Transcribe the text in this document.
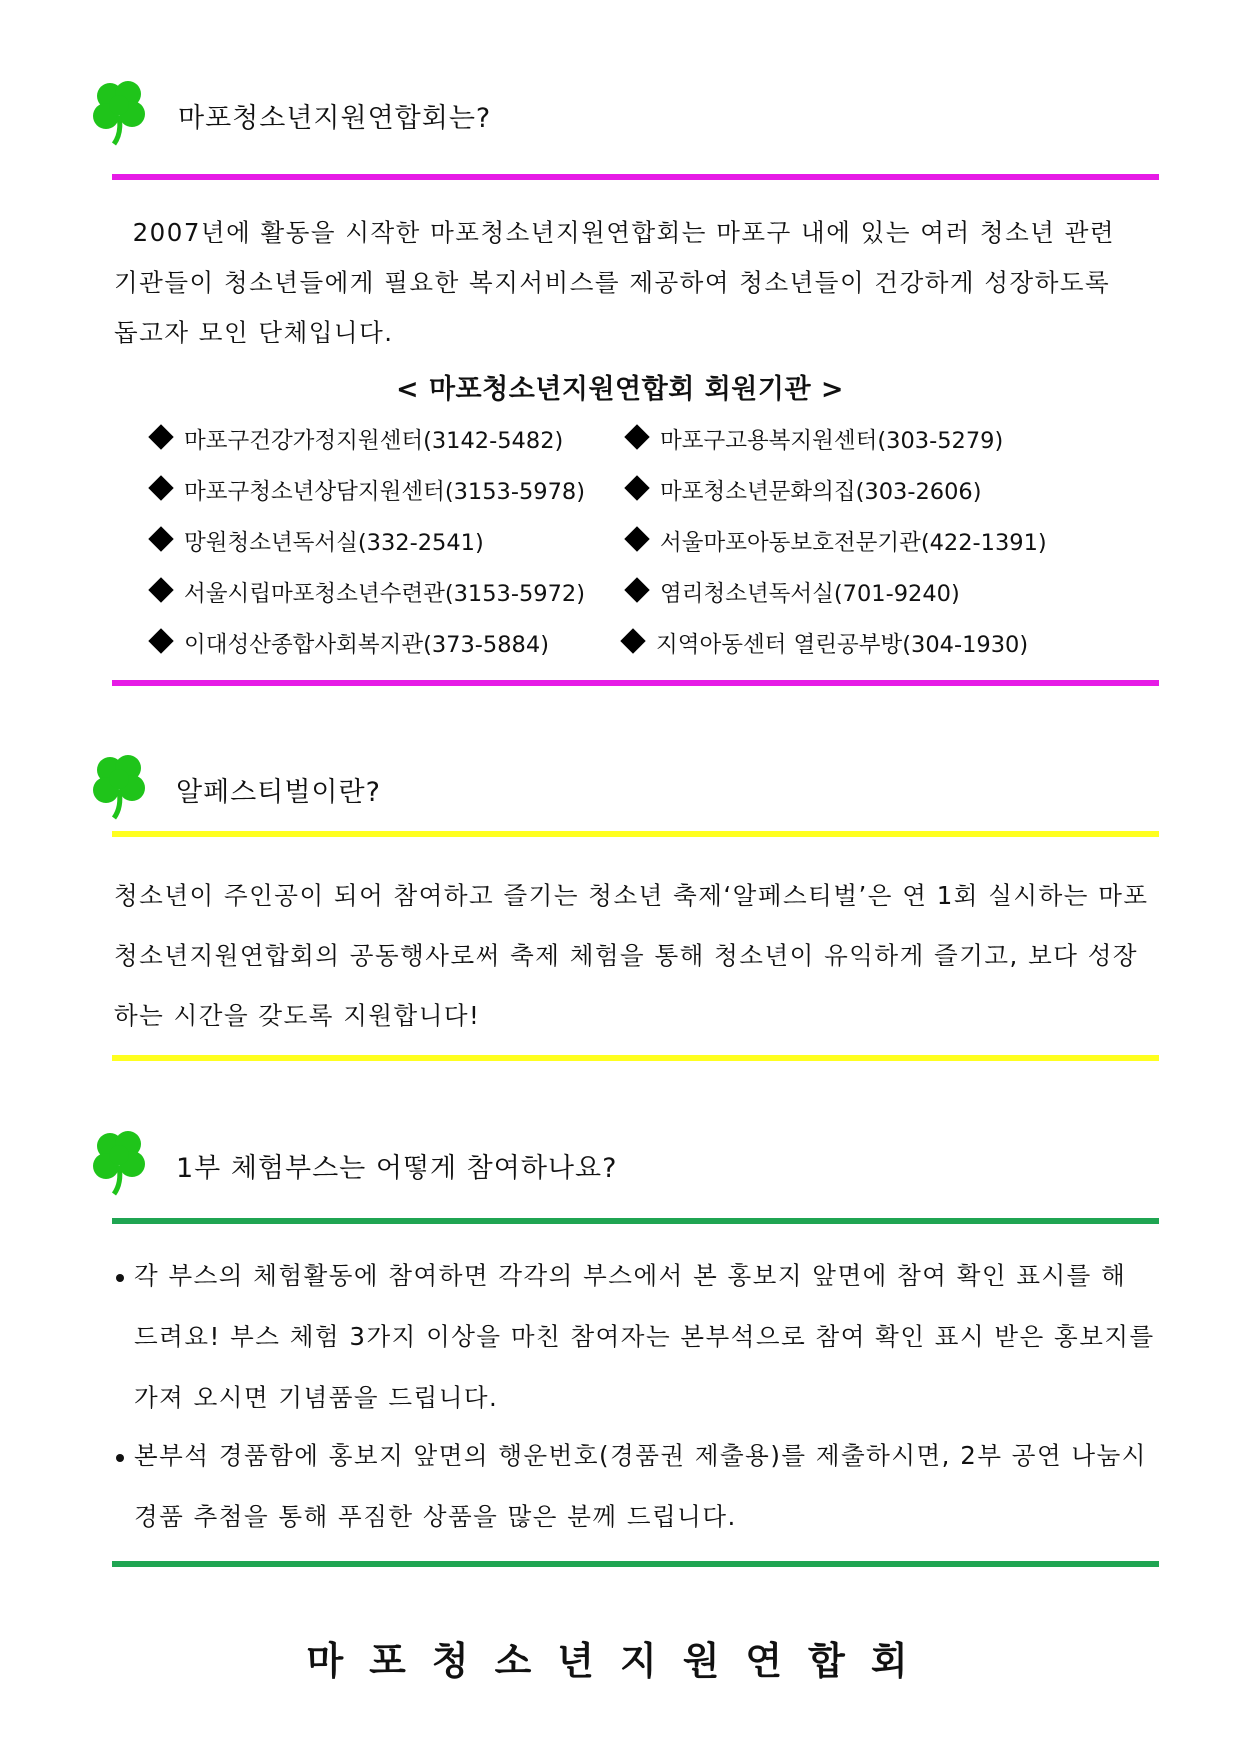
마포청소년지원연합회는?
2007년에 활동을 시작한 마포청소년지원연합회는 마포구 내에 있는 여러 청소년 관련
기관들이 청소년들에게 필요한 복지서비스를 제공하여 청소년들이 건강하게 성장하도록
돕고자 모인 단체입니다.
< 마포청소년지원연합회 회원기관 >
마포구건강가정지원센터(3142-5482)
마포구청소년상담지원센터(3153-5978)
망원청소년독서실(332-2541)
서울시립마포청소년수련관(3153-5972)
이대성산종합사회복지관(373-5884)
마포구고용복지원센터(303-5279)
마포청소년문화의집(303-2606)
서울마포아동보호전문기관(422-1391)
염리청소년독서실(701-9240)
지역아동센터 열린공부방(304-1930)
알페스티벌이란?
청소년이 주인공이 되어 참여하고 즐기는 청소년 축제‘알페스티벌’은 연 1회 실시하는 마포
청소년지원연합회의 공동행사로써 축제 체험을 통해 청소년이 유익하게 즐기고, 보다 성장
하는 시간을 갖도록 지원합니다!
1부 체험부스는 어떻게 참여하나요?
각 부스의 체험활동에 참여하면 각각의 부스에서 본 홍보지 앞면에 참여 확인 표시를 해
드려요! 부스 체험 3가지 이상을 마친 참여자는 본부석으로 참여 확인 표시 받은 홍보지를
가져 오시면 기념품을 드립니다.
본부석 경품함에 홍보지 앞면의 행운번호(경품권 제출용)를 제출하시면, 2부 공연 나눔시
경품 추첨을 통해 푸짐한 상품을 많은 분께 드립니다.
마포청소년지원연합회
